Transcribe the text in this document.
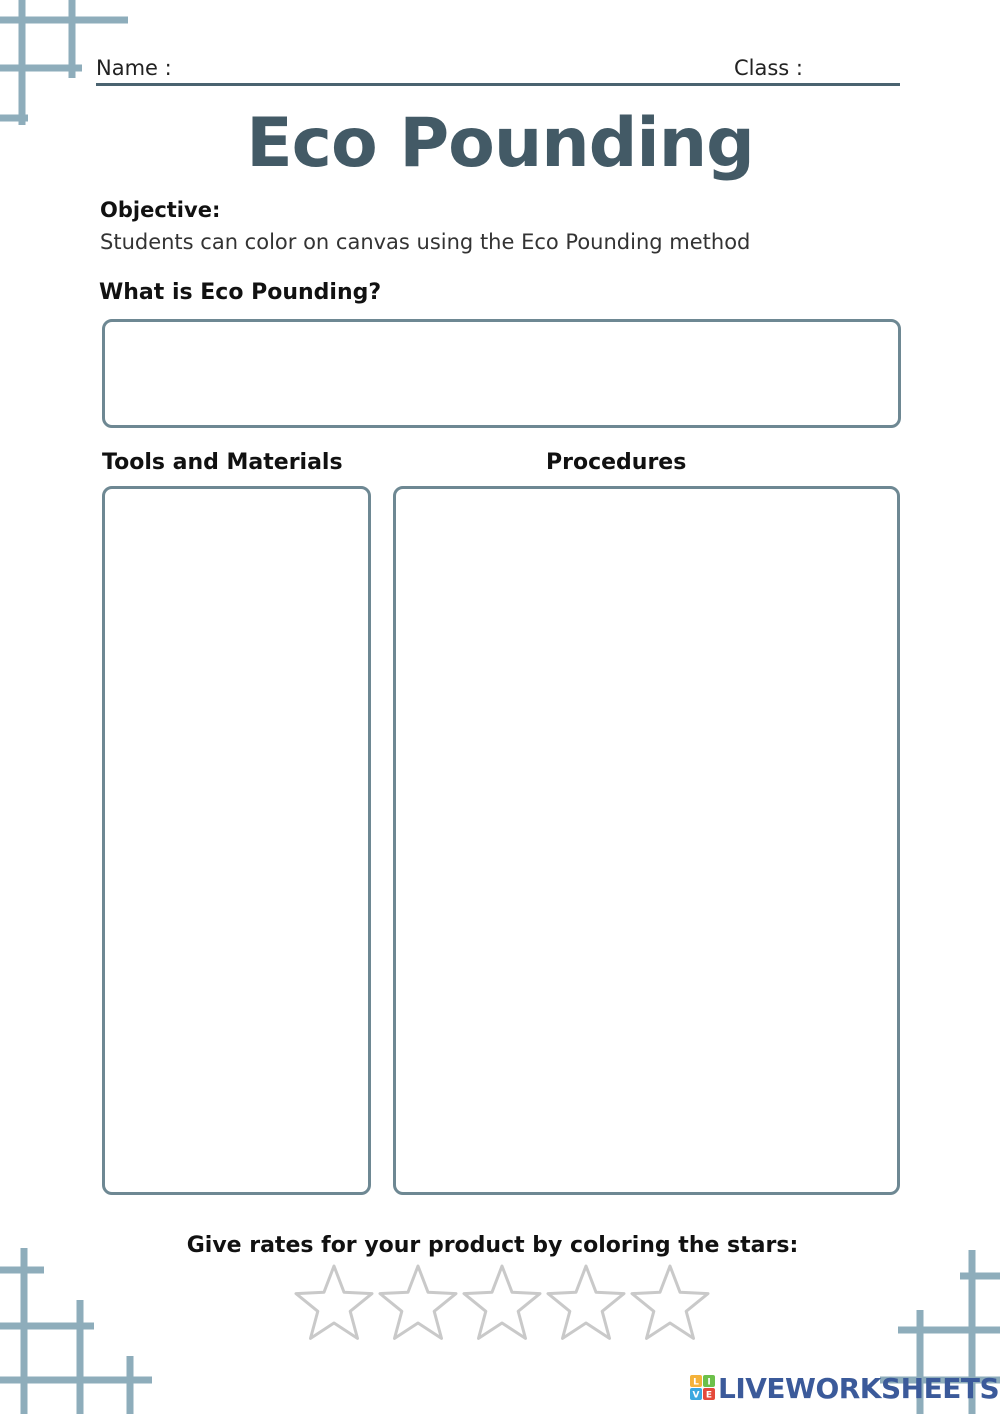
Name :	Class :
Eco Pounding
Objective:
Students can color on canvas using the Eco Pounding method
What is Eco Pounding?
Tools and Materials	Procedures
Give rates for your product by coloring the stars:
L I
V E LIVEWORKSHEETS
